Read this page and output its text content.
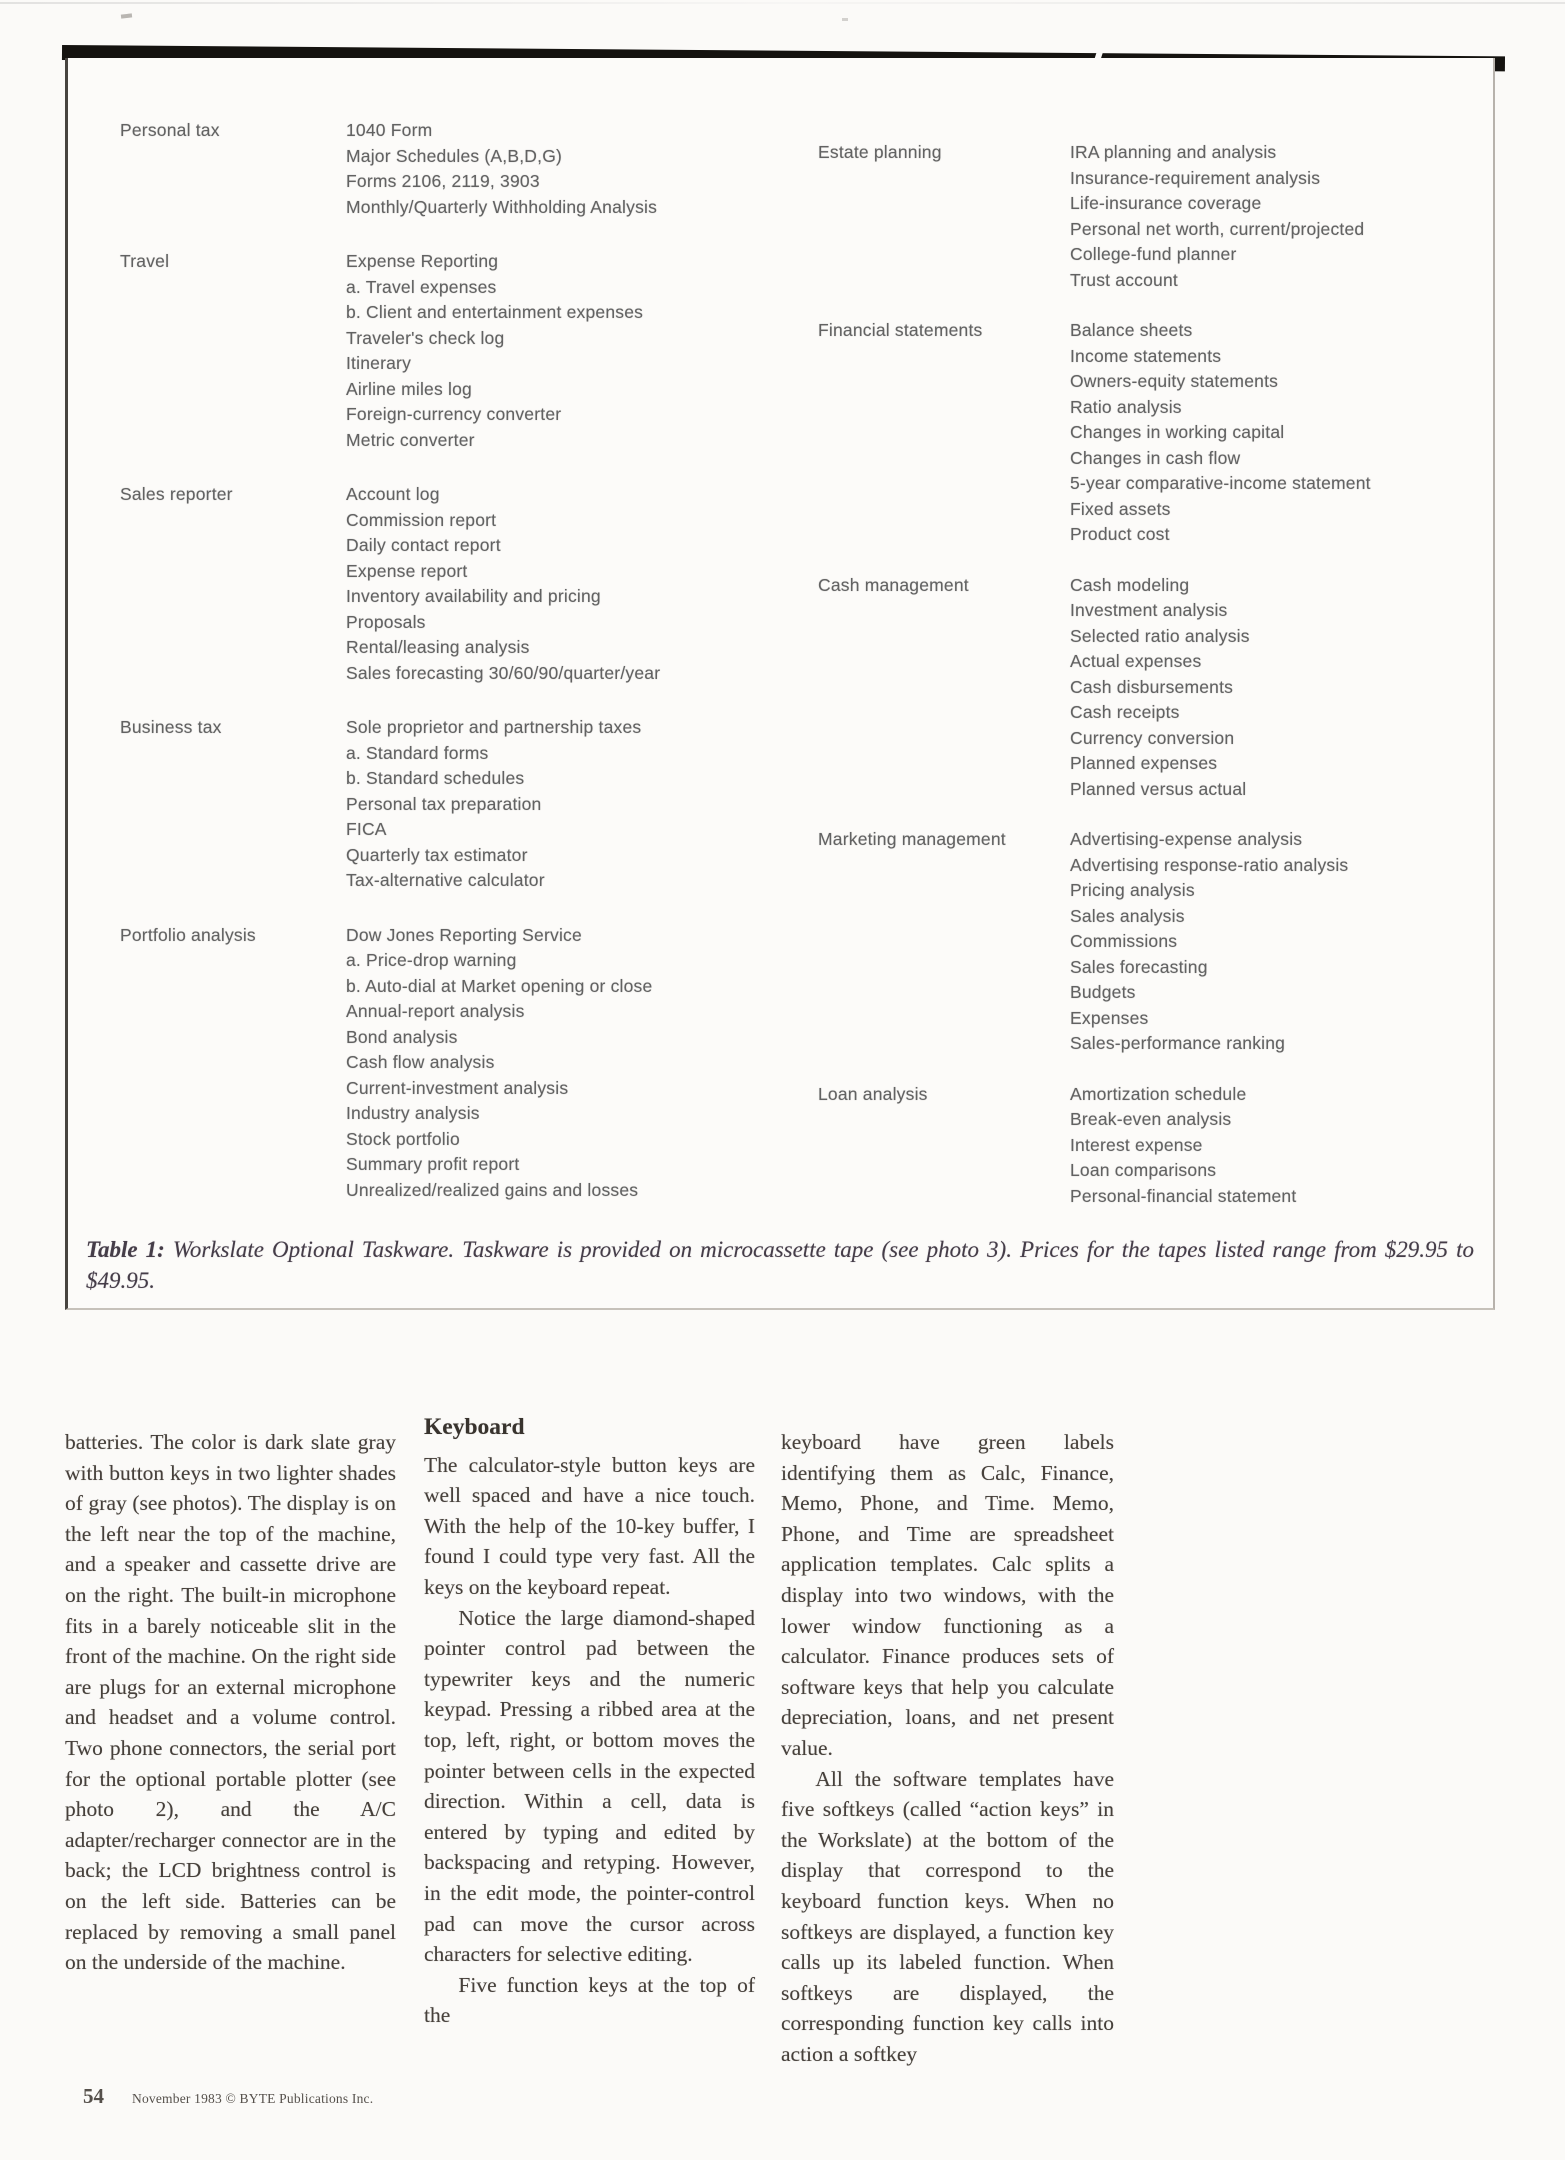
Personal tax	1040 Form
Major Schedules (A,B,D,G)
Forms 2106, 2119, 3903
Monthly/Quarterly Withholding Analysis
Travel	Expense Reporting
a. Travel expenses
b. Client and entertainment expenses
Traveler's check log
Itinerary
Airline miles log
Foreign-currency converter
Metric converter
Sales reporter	Account log
Commission report
Daily contact report
Expense report
Inventory availability and pricing
Proposals
Rental/leasing analysis
Sales forecasting 30/60/90/quarter/year
Business tax	Sole proprietor and partnership taxes
a. Standard forms
b. Standard schedules
Personal tax preparation
FICA
Quarterly tax estimator
Tax-alternative calculator
Portfolio analysis	Dow Jones Reporting Service
a. Price-drop warning
b. Auto-dial at Market opening or close
Annual-report analysis
Bond analysis
Cash flow analysis
Current-investment analysis
Industry analysis
Stock portfolio
Summary profit report
Unrealized/realized gains and losses
Estate planning	IRA planning and analysis
Insurance-requirement analysis
Life-insurance coverage
Personal net worth, current/projected
College-fund planner
Trust account
Financial statements	Balance sheets
Income statements
Owners-equity statements
Ratio analysis
Changes in working capital
Changes in cash flow
5-year comparative-income statement
Fixed assets
Product cost
Cash management	Cash modeling
Investment analysis
Selected ratio analysis
Actual expenses
Cash disbursements
Cash receipts
Currency conversion
Planned expenses
Planned versus actual
Marketing management	Advertising-expense analysis
Advertising response-ratio analysis
Pricing analysis
Sales analysis
Commissions
Sales forecasting
Budgets
Expenses
Sales-performance ranking
Loan analysis	Amortization schedule
Break-even analysis
Interest expense
Loan comparisons
Personal-financial statement
Table 1: Workslate Optional Taskware. Taskware is provided on microcassette tape (see photo 3). Prices for the tapes listed range from $29.95 to $49.95.

batteries. The color is dark slate gray with button keys in two lighter shades of gray (see photos). The display is on the left near the top of the machine, and a speaker and cassette drive are on the right. The built-in microphone fits in a barely noticeable slit in the front of the machine. On the right side are plugs for an external microphone and headset and a volume control. Two phone connectors, the serial port for the optional portable plotter (see photo 2), and the A/C adapter/recharger connector are in the back; the LCD brightness control is on the left side. Batteries can be replaced by removing a small panel on the underside of the machine.

Keyboard

The calculator-style button keys are well spaced and have a nice touch. With the help of the 10-key buffer, I found I could type very fast. All the keys on the keyboard repeat.

Notice the large diamond-shaped pointer control pad between the typewriter keys and the numeric keypad. Pressing a ribbed area at the top, left, right, or bottom moves the pointer between cells in the expected direction. Within a cell, data is entered by typing and edited by backspacing and retyping. However, in the edit mode, the pointer-control pad can move the cursor across characters for selective editing.

Five function keys at the top of the

keyboard have green labels identifying them as Calc, Finance, Memo, Phone, and Time. Memo, Phone, and Time are spreadsheet application templates. Calc splits a display into two windows, with the lower window functioning as a calculator. Finance produces sets of software keys that help you calculate depreciation, loans, and net present value.

All the software templates have five softkeys (called “action keys” in the Workslate) at the bottom of the display that correspond to the keyboard function keys. When no softkeys are displayed, a function key calls up its labeled function. When softkeys are displayed, the corresponding function key calls into action a softkey

54 November 1983 © BYTE Publications Inc.
